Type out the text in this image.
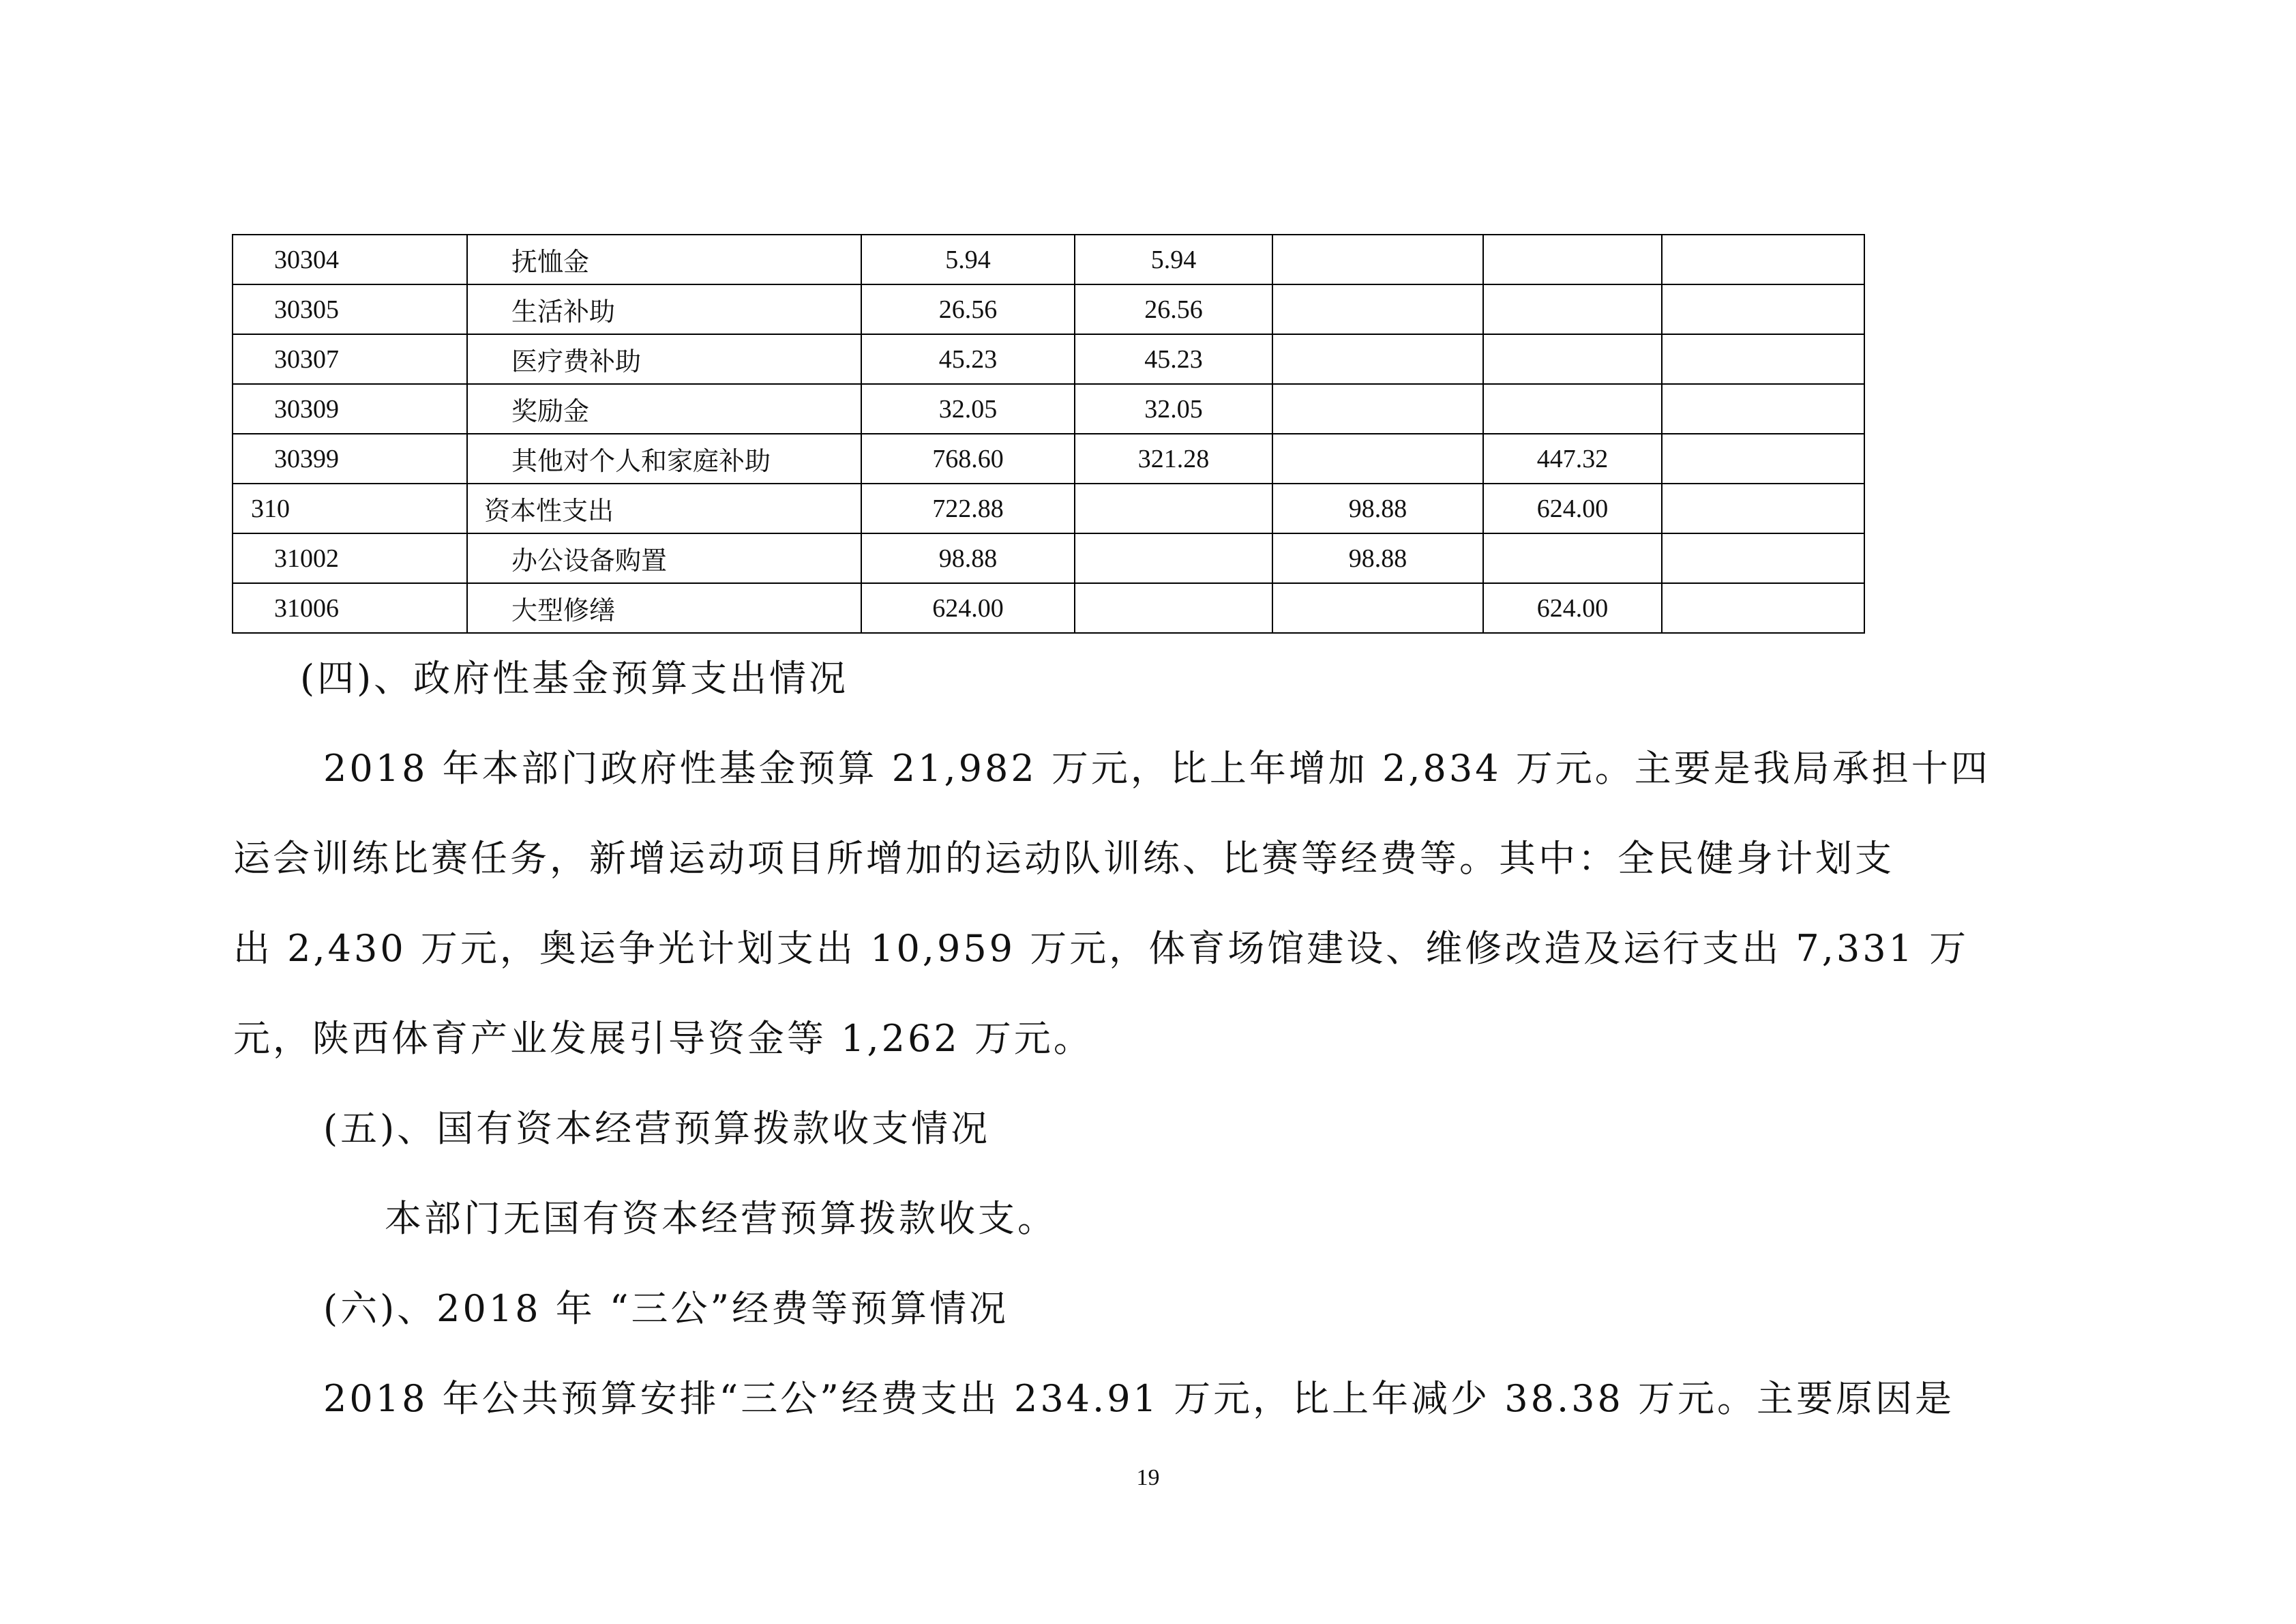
30304	抚恤金	5.94	5.94			
30305	生活补助	26.56	26.56			
30307	医疗费补助	45.23	45.23			
30309	奖励金	32.05	32.05			
30399	其他对个人和家庭补助	768.60	321.28		447.32	
310	资本性支出	722.88		98.88	624.00	
31002	办公设备购置	98.88		98.88		
31006	大型修缮	624.00			624.00	
(四)、政府性基金预算支出情况
2018 年本部门政府性基金预算 21,982 万元，比上年增加 2,834 万元。主要是我局承担十四
运会训练比赛任务，新增运动项目所增加的运动队训练、比赛等经费等。其中：全民健身计划支
出 2,430 万元，奥运争光计划支出 10,959 万元，体育场馆建设、维修改造及运行支出 7,331 万
元，陕西体育产业发展引导资金等 1,262 万元。
(五)、国有资本经营预算拨款收支情况
本部门无国有资本经营预算拨款收支。
(六)、2018 年 “三公”经费等预算情况
2018 年公共预算安排“三公”经费支出 234.91 万元，比上年减少 38.38 万元。主要原因是
19
